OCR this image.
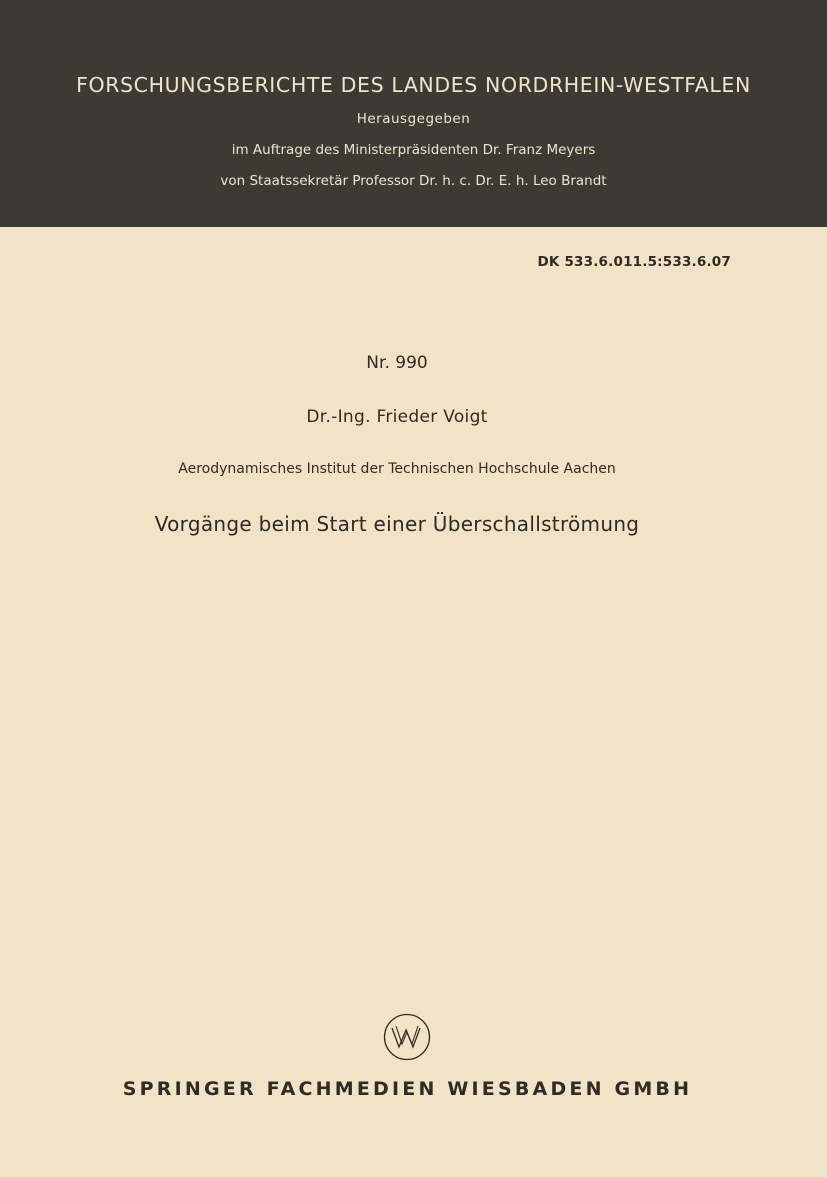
FORSCHUNGSBERICHTE DES LANDES NORDRHEIN-WESTFALEN
Herausgegeben
im Auftrage des Ministerpräsidenten Dr. Franz Meyers
von Staatssekretär Professor Dr. h. c. Dr. E. h. Leo Brandt
DK 533.6.011.5:533.6.07
Nr. 990
Dr.-Ing. Frieder Voigt
Aerodynamisches Institut der Technischen Hochschule Aachen
Vorgänge beim Start einer Überschallströmung
SPRINGER FACHMEDIEN WIESBADEN GMBH
